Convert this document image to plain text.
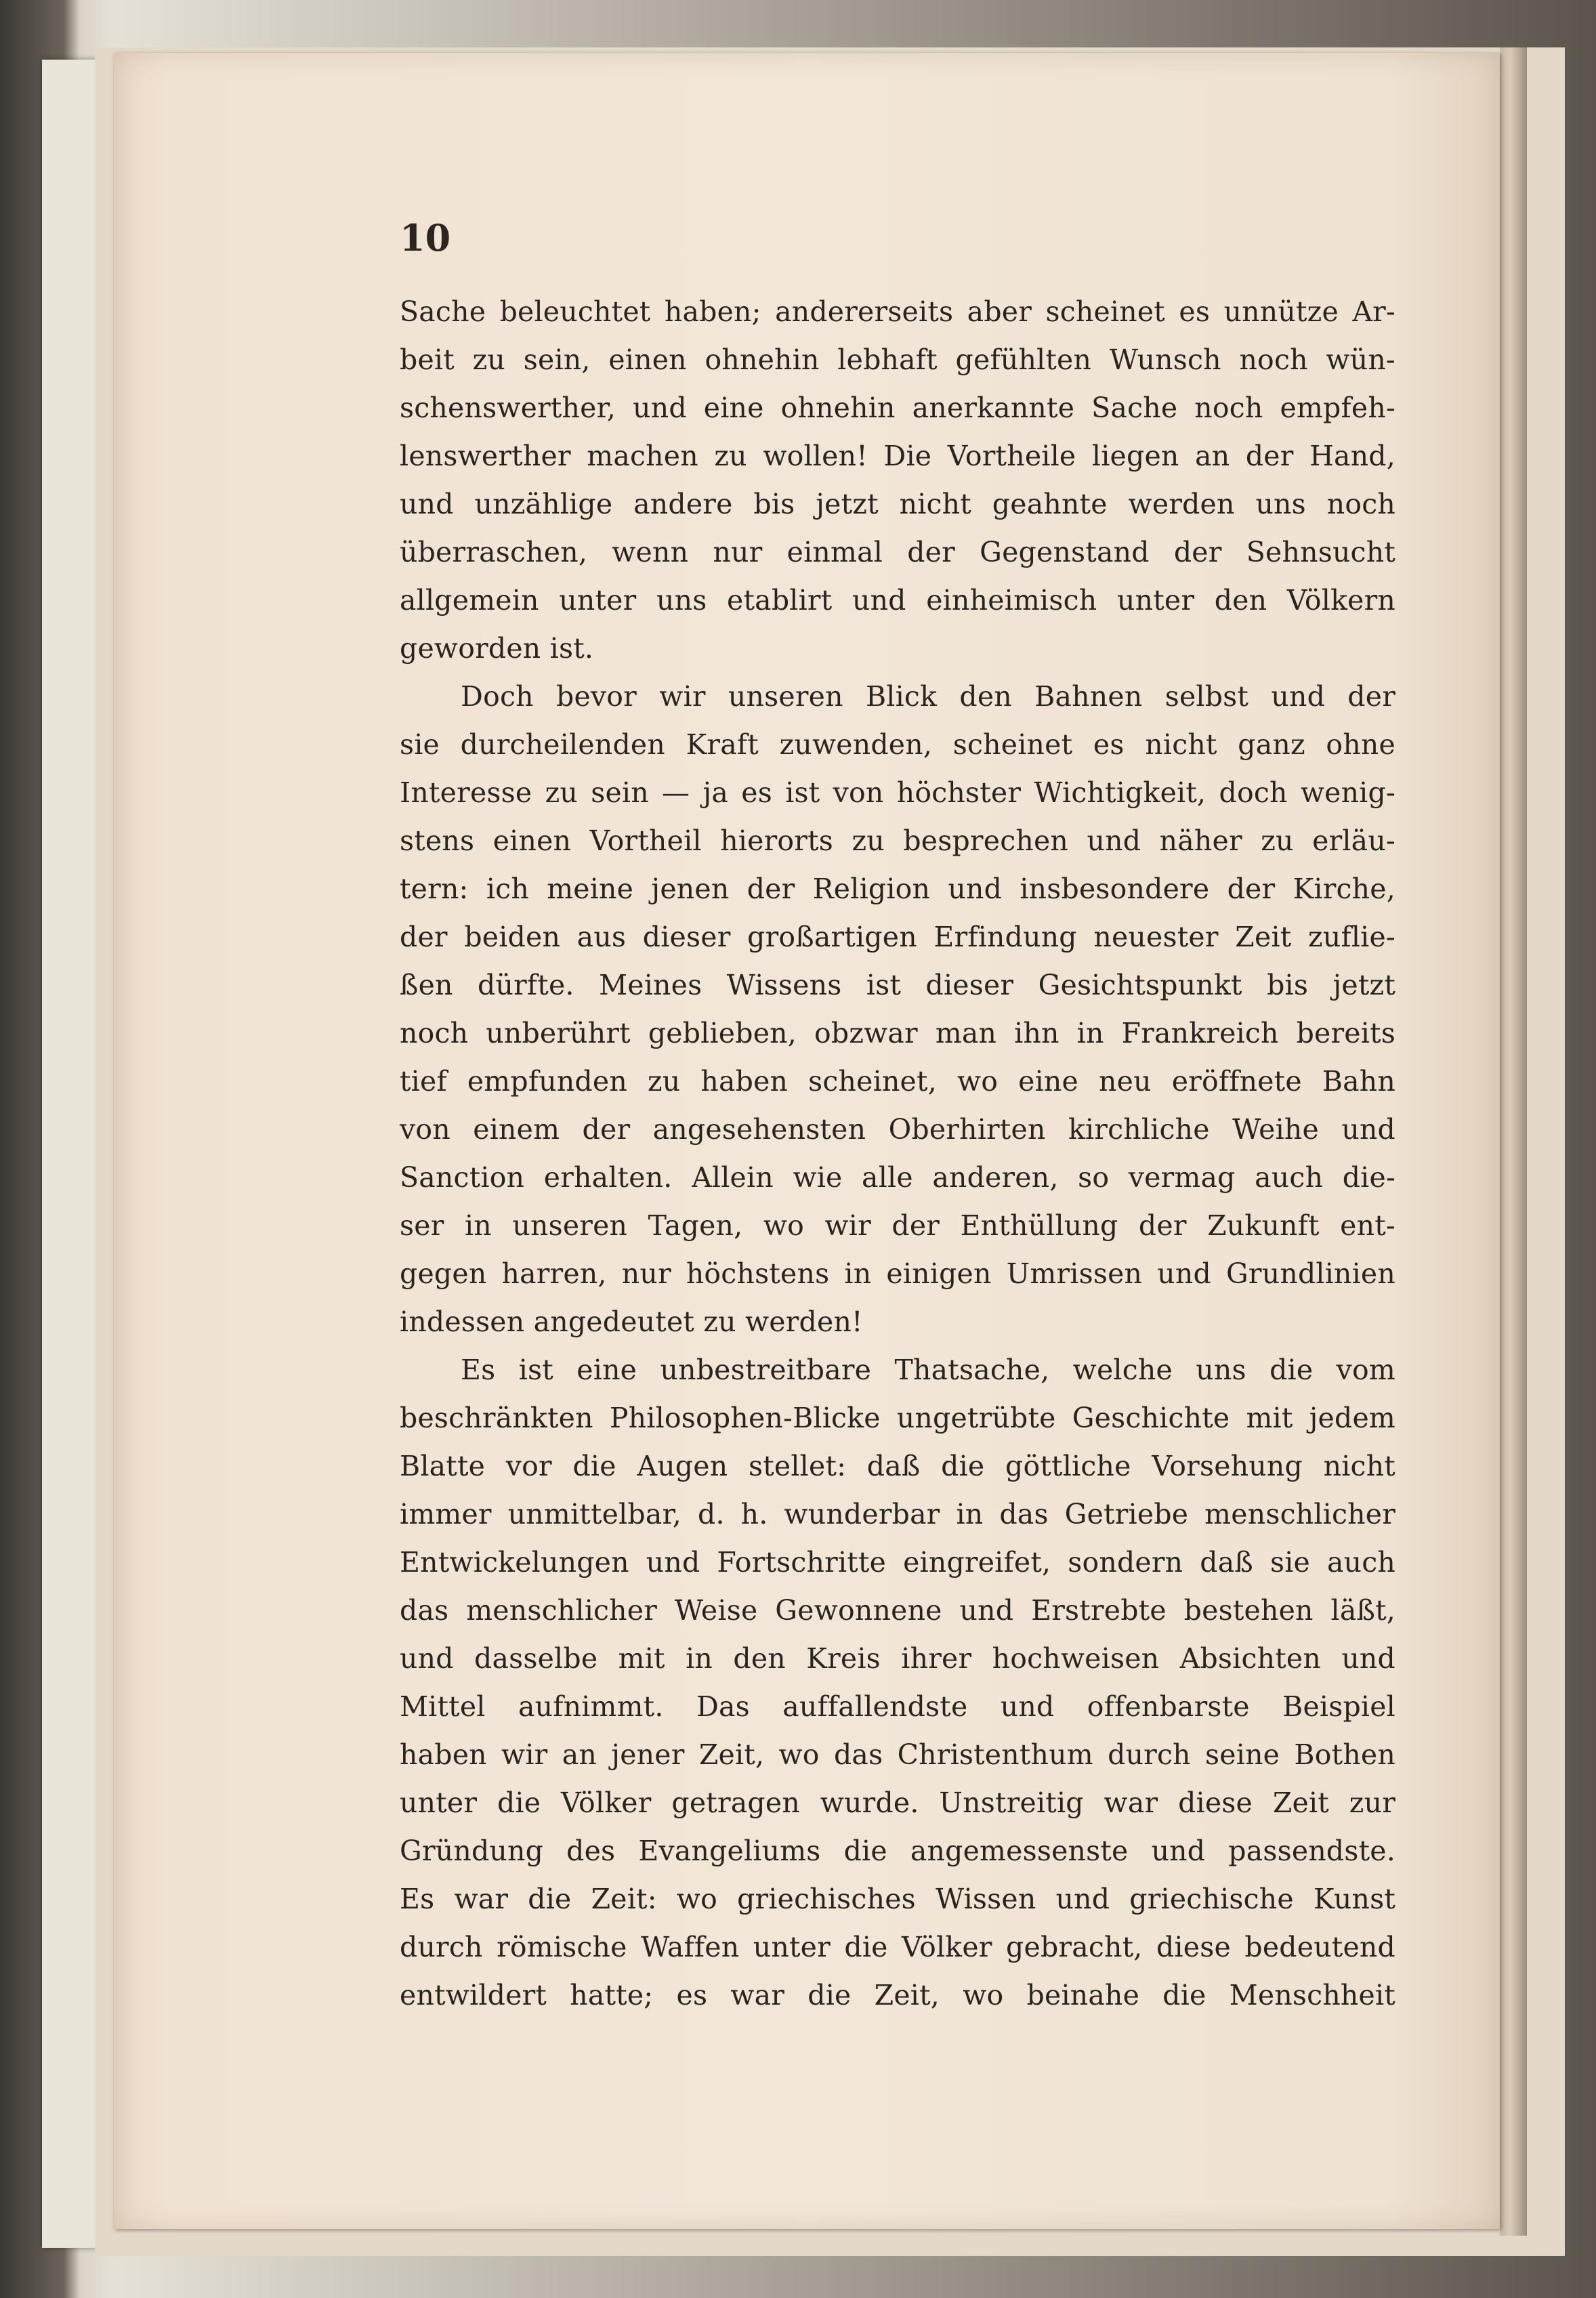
10
Sache beleuchtet haben; andererseits aber scheinet es unnütze Ar-
beit zu sein, einen ohnehin lebhaft gefühlten Wunsch noch wün-
schenswerther, und eine ohnehin anerkannte Sache noch empfeh-
lenswerther machen zu wollen! Die Vortheile liegen an der Hand,
und unzählige andere bis jetzt nicht geahnte werden uns noch
überraschen, wenn nur einmal der Gegenstand der Sehnsucht
allgemein unter uns etablirt und einheimisch unter den Völkern
geworden ist.
Doch bevor wir unseren Blick den Bahnen selbst und der
sie durcheilenden Kraft zuwenden, scheinet es nicht ganz ohne
Interesse zu sein — ja es ist von höchster Wichtigkeit, doch wenig-
stens einen Vortheil hierorts zu besprechen und näher zu erläu-
tern: ich meine jenen der Religion und insbesondere der Kirche,
der beiden aus dieser großartigen Erfindung neuester Zeit zuflie-
ßen dürfte. Meines Wissens ist dieser Gesichtspunkt bis jetzt
noch unberührt geblieben, obzwar man ihn in Frankreich bereits
tief empfunden zu haben scheinet, wo eine neu eröffnete Bahn
von einem der angesehensten Oberhirten kirchliche Weihe und
Sanction erhalten. Allein wie alle anderen, so vermag auch die-
ser in unseren Tagen, wo wir der Enthüllung der Zukunft ent-
gegen harren, nur höchstens in einigen Umrissen und Grundlinien
indessen angedeutet zu werden!
Es ist eine unbestreitbare Thatsache, welche uns die vom
beschränkten Philosophen-Blicke ungetrübte Geschichte mit jedem
Blatte vor die Augen stellet: daß die göttliche Vorsehung nicht
immer unmittelbar, d. h. wunderbar in das Getriebe menschlicher
Entwickelungen und Fortschritte eingreifet, sondern daß sie auch
das menschlicher Weise Gewonnene und Erstrebte bestehen läßt,
und dasselbe mit in den Kreis ihrer hochweisen Absichten und
Mittel aufnimmt. Das auffallendste und offenbarste Beispiel
haben wir an jener Zeit, wo das Christenthum durch seine Bothen
unter die Völker getragen wurde. Unstreitig war diese Zeit zur
Gründung des Evangeliums die angemessenste und passendste.
Es war die Zeit: wo griechisches Wissen und griechische Kunst
durch römische Waffen unter die Völker gebracht, diese bedeutend
entwildert hatte; es war die Zeit, wo beinahe die Menschheit
